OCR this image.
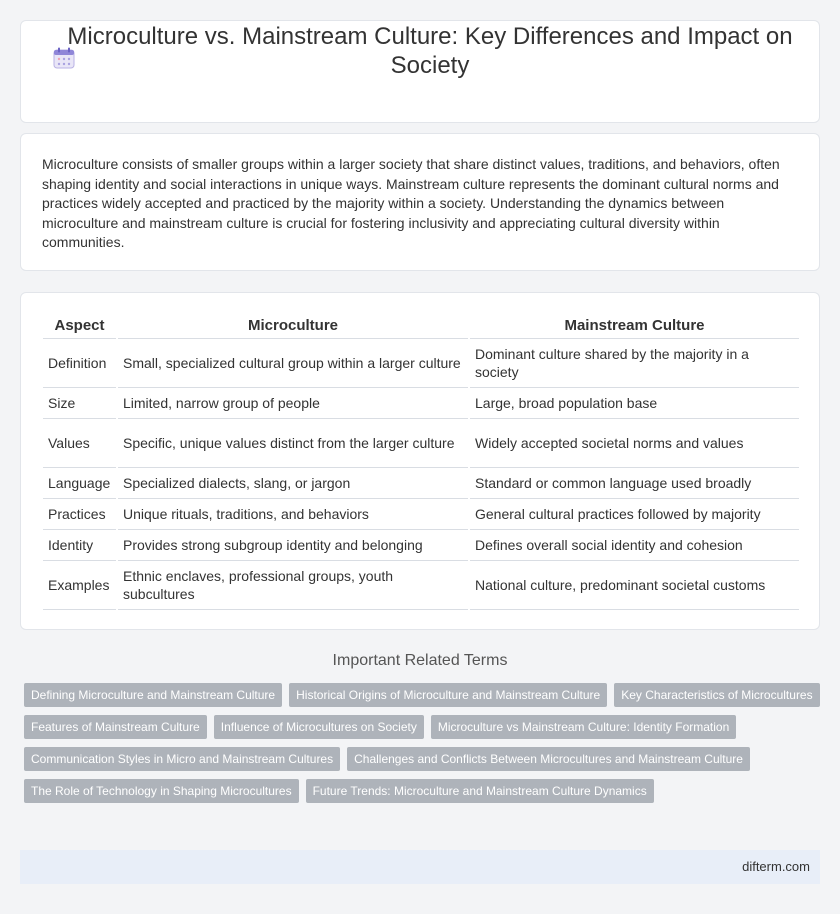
Microculture vs. Mainstream Culture: Key Differences and Impact on Society

Microculture consists of smaller groups within a larger society that share distinct values, traditions, and behaviors, often shaping identity and social interactions in unique ways. Mainstream culture represents the dominant cultural norms and practices widely accepted and practiced by the majority within a society. Understanding the dynamics between microculture and mainstream culture is crucial for fostering inclusivity and appreciating cultural diversity within communities.

Aspect	Microculture	Mainstream Culture
Definition	Small, specialized cultural group within a larger culture	Dominant culture shared by the majority in a society
Size	Limited, narrow group of people	Large, broad population base
Values	Specific, unique values distinct from the larger culture	Widely accepted societal norms and values
Language	Specialized dialects, slang, or jargon	Standard or common language used broadly
Practices	Unique rituals, traditions, and behaviors	General cultural practices followed by majority
Identity	Provides strong subgroup identity and belonging	Defines overall social identity and cohesion
Examples	Ethnic enclaves, professional groups, youth subcultures	National culture, predominant societal customs
Important Related Terms
Defining Microculture and Mainstream Culture	Historical Origins of Microculture and Mainstream Culture	Key Characteristics of Microcultures
Features of Mainstream Culture	Influence of Microcultures on Society	Microculture vs Mainstream Culture: Identity Formation
Communication Styles in Micro and Mainstream Cultures	Challenges and Conflicts Between Microcultures and Mainstream Culture
The Role of Technology in Shaping Microcultures	Future Trends: Microculture and Mainstream Culture Dynamics
difterm.com
